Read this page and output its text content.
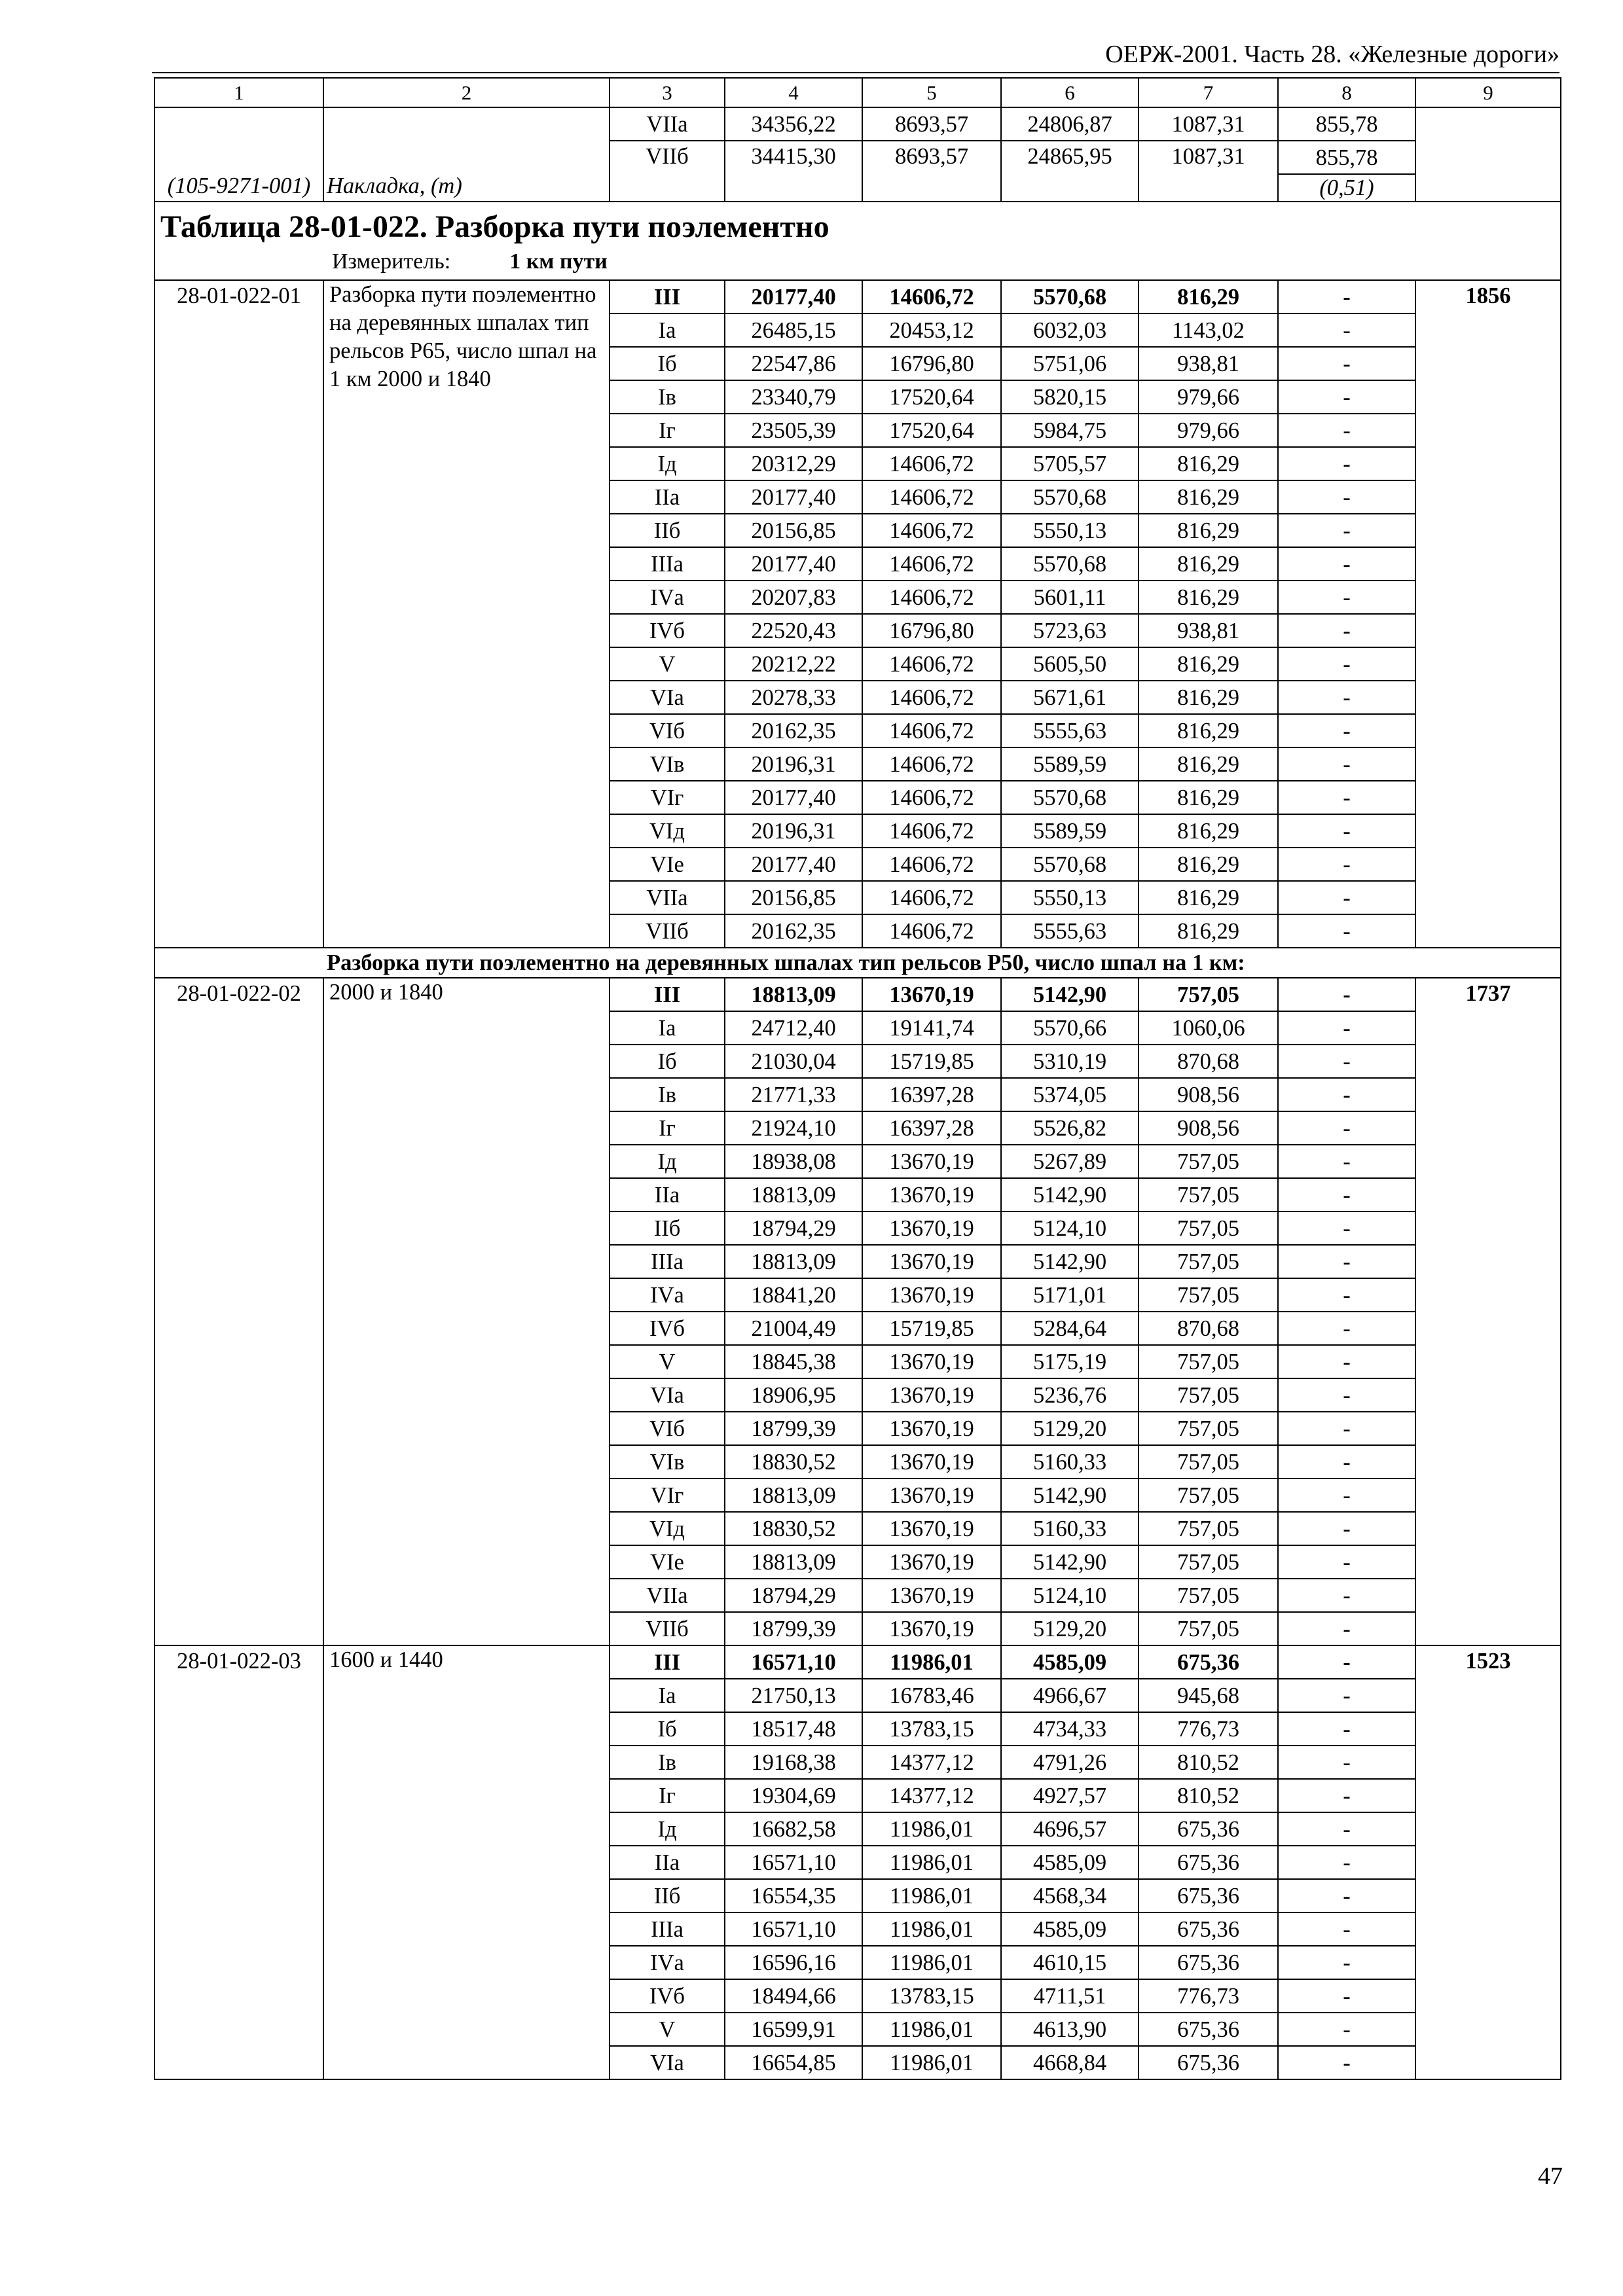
ОЕРЖ-2001. Часть 28. «Железные дороги»
1	2	3	4	5	6	7	8	9
(105-9271-001)	Накладка, (т)	VIIа	34356,22	8693,57	24806,87	1087,31	855,78	
		VIIб	34415,30	8693,57	24865,95	1087,31	855,78	
							(0,51)	

Таблица 28-01-022. Разборка пути поэлементно
Измеритель: 1 км пути								

28-01-022-01	Разборка пути поэлементно на деревянных шпалах тип рельсов Р65, число шпал на 1 км 2000 и 1840	III	20177,40	14606,72	5570,68	816,29	-	1856
		Iа	26485,15	20453,12	6032,03	1143,02	-	
		Iб	22547,86	16796,80	5751,06	938,81	-	
		Iв	23340,79	17520,64	5820,15	979,66	-	
		Iг	23505,39	17520,64	5984,75	979,66	-	
		Iд	20312,29	14606,72	5705,57	816,29	-	
		IIа	20177,40	14606,72	5570,68	816,29	-	
		IIб	20156,85	14606,72	5550,13	816,29	-	
		IIIа	20177,40	14606,72	5570,68	816,29	-	
		IVа	20207,83	14606,72	5601,11	816,29	-	
		IVб	22520,43	16796,80	5723,63	938,81	-	
		V	20212,22	14606,72	5605,50	816,29	-	
		VIа	20278,33	14606,72	5671,61	816,29	-	
		VIб	20162,35	14606,72	5555,63	816,29	-	
		VIв	20196,31	14606,72	5589,59	816,29	-	
		VIг	20177,40	14606,72	5570,68	816,29	-	
		VIд	20196,31	14606,72	5589,59	816,29	-	
		VIе	20177,40	14606,72	5570,68	816,29	-	
		VIIа	20156,85	14606,72	5550,13	816,29	-	
		VIIб	20162,35	14606,72	5555,63	816,29	-	
Разборка пути поэлементно на деревянных шпалах тип рельсов Р50, число шпал на 1 км:								
28-01-022-02	2000 и 1840	III	18813,09	13670,19	5142,90	757,05	-	1737
		Iа	24712,40	19141,74	5570,66	1060,06	-	
		Iб	21030,04	15719,85	5310,19	870,68	-	
		Iв	21771,33	16397,28	5374,05	908,56	-	
		Iг	21924,10	16397,28	5526,82	908,56	-	
		Iд	18938,08	13670,19	5267,89	757,05	-	
		IIа	18813,09	13670,19	5142,90	757,05	-	
		IIб	18794,29	13670,19	5124,10	757,05	-	
		IIIа	18813,09	13670,19	5142,90	757,05	-	
		IVа	18841,20	13670,19	5171,01	757,05	-	
		IVб	21004,49	15719,85	5284,64	870,68	-	
		V	18845,38	13670,19	5175,19	757,05	-	
		VIа	18906,95	13670,19	5236,76	757,05	-	
		VIб	18799,39	13670,19	5129,20	757,05	-	
		VIв	18830,52	13670,19	5160,33	757,05	-	
		VIг	18813,09	13670,19	5142,90	757,05	-	
		VIд	18830,52	13670,19	5160,33	757,05	-	
		VIе	18813,09	13670,19	5142,90	757,05	-	
		VIIа	18794,29	13670,19	5124,10	757,05	-	
		VIIб	18799,39	13670,19	5129,20	757,05	-	
28-01-022-03	1600 и 1440	III	16571,10	11986,01	4585,09	675,36	-	1523
		Iа	21750,13	16783,46	4966,67	945,68	-	
		Iб	18517,48	13783,15	4734,33	776,73	-	
		Iв	19168,38	14377,12	4791,26	810,52	-	
		Iг	19304,69	14377,12	4927,57	810,52	-	
		Iд	16682,58	11986,01	4696,57	675,36	-	
		IIа	16571,10	11986,01	4585,09	675,36	-	
		IIб	16554,35	11986,01	4568,34	675,36	-	
		IIIа	16571,10	11986,01	4585,09	675,36	-	
		IVа	16596,16	11986,01	4610,15	675,36	-	
		IVб	18494,66	13783,15	4711,51	776,73	-	
		V	16599,91	11986,01	4613,90	675,36	-	
		VIа	16654,85	11986,01	4668,84	675,36	-	
47
